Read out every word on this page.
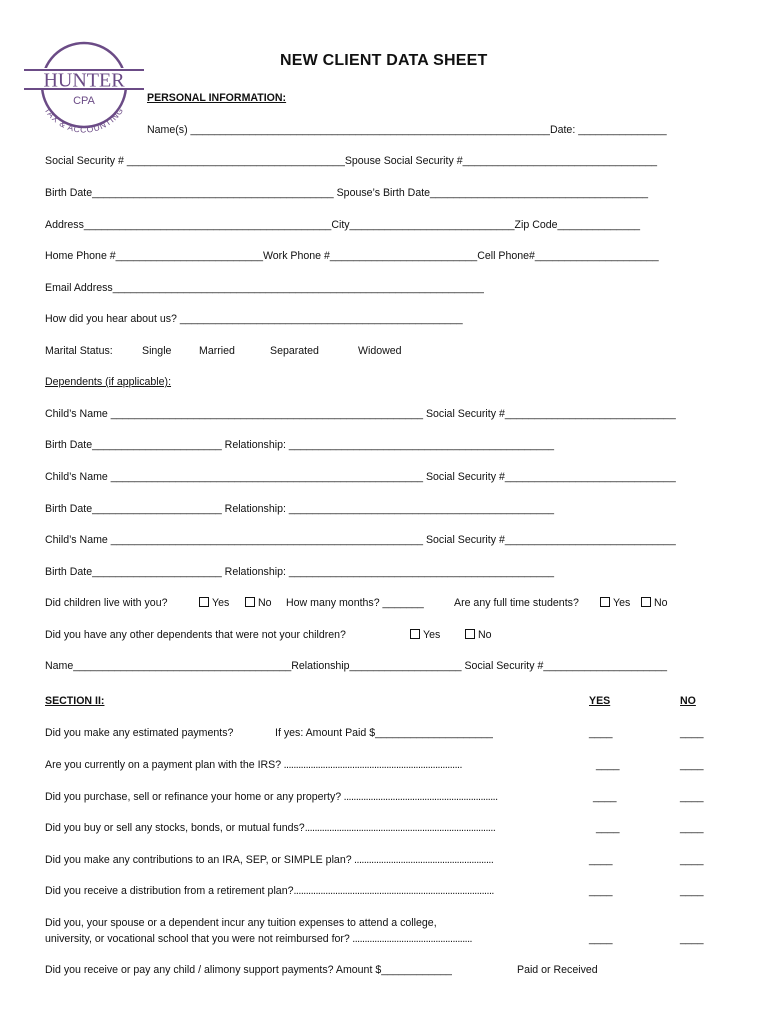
HUNTER
CPA
TAX & ACCOUNTING
NEW CLIENT DATA SHEET
PERSONAL INFORMATION:
Name(s) _____________________________________________________________Date: _______________
Social Security # _____________________________________Spouse Social Security #_________________________________
Birth Date_________________________________________ Spouse’s Birth Date_____________________________________
Address__________________________________________City____________________________Zip Code______________
Home Phone #_________________________Work Phone #_________________________Cell Phone#_____________________
Email Address_______________________________________________________________
How did you hear about us? ________________________________________________
Marital Status:	Single	Married	Separated	Widowed
Dependents (if applicable):
Child’s Name _____________________________________________________ Social Security #_____________________________
Birth Date______________________ Relationship: _____________________________________________
Child’s Name _____________________________________________________ Social Security #_____________________________
Birth Date______________________ Relationship: _____________________________________________
Child’s Name _____________________________________________________ Social Security #_____________________________
Birth Date______________________ Relationship: _____________________________________________
Did children live with you?	Yes	No How many months? _______	Are any full time students?	Yes	No
Did you have any other dependents that were not your children?	Yes	No
Name_____________________________________Relationship___________________ Social Security #_____________________
SECTION II:	YES	NO
Did you make any estimated payments?	If yes: Amount Paid $____________________	____	____
Are you currently on a payment plan with the IRS? .........................................................................	____	____
Did you purchase, sell or refinance your home or any property? ...............................................................	____	____
Did you buy or sell any stocks, bonds, or mutual funds?..............................................................................	____	____
Did you make any contributions to an IRA, SEP, or SIMPLE plan? .........................................................	____	____
Did you receive a distribution from a retirement plan?..................................................................................	____	____
Did you, your spouse or a dependent incur any tuition expenses to attend a college,
university, or vocational school that you were not reimbursed for? .................................................	____	____
Did you receive or pay any child / alimony support payments? Amount $____________	Paid or Received
